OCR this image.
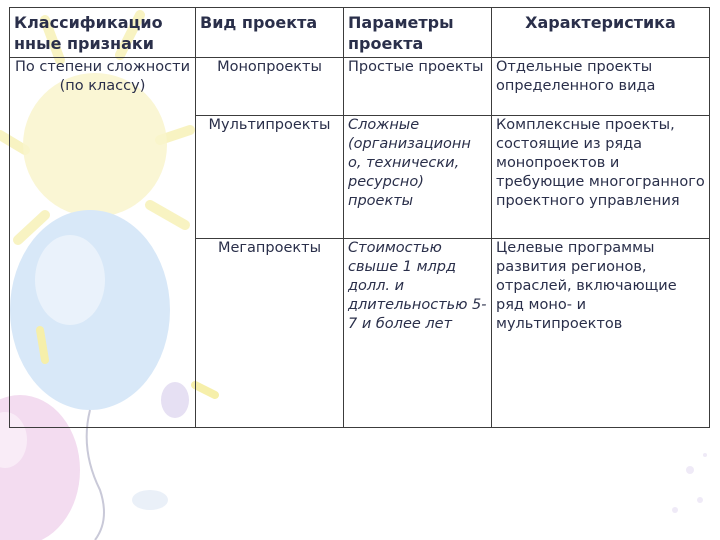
Классификацио нные признаки	Вид проекта	Параметры проекта	Характеристика
По степени сложности (по классу)	Монопроекты	Простые проекты	Отдельные проекты определенного вида
	Мультипроекты	Сложные (организационн о, технически, ресурсно) проекты	Комплексные проекты, состоящие из ряда монопроектов и требующие многогранного проектного управления
	Мегапроекты	Стоимостью свыше 1 млрд долл. и длительностью 5-7 и более лет	Целевые программы развития регионов, отраслей, включающие ряд моно- и мультипроектов
